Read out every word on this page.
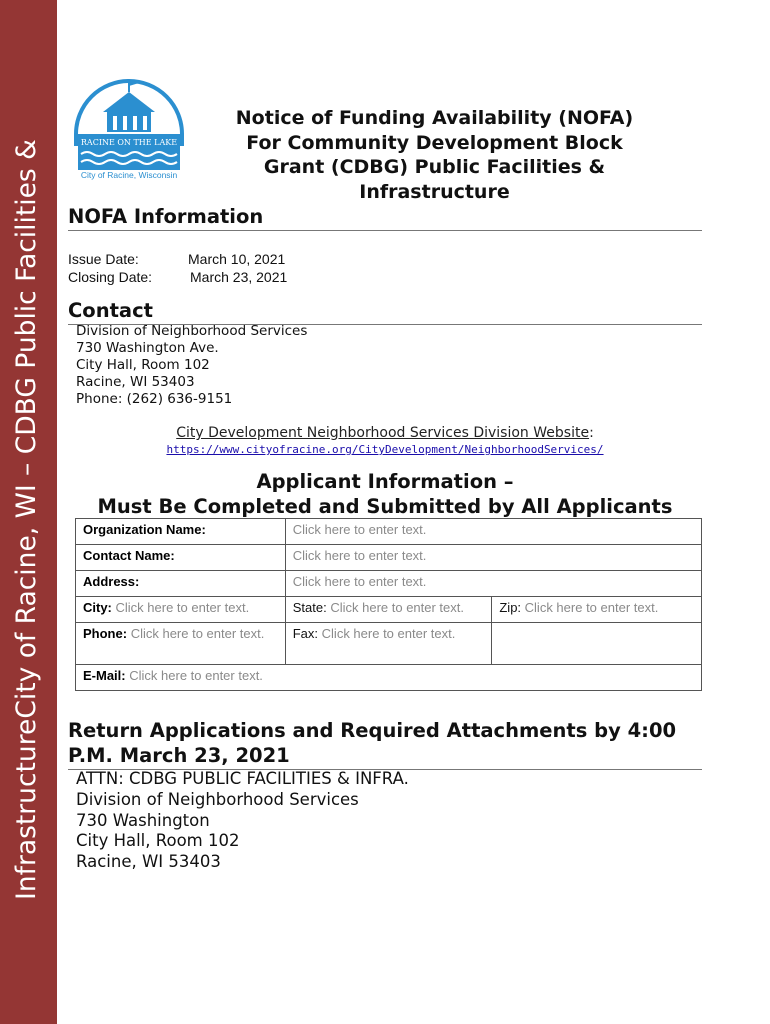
InfrastructureCity of Racine, WI – CDBG Public Facilities &	RACINE ON THE LAKE
City of Racine, Wisconsin
Notice of Funding Availability (NOFA)
For Community Development Block
Grant (CDBG) Public Facilities &
Infrastructure
NOFA Information
Issue Date:	March 10, 2021
Closing Date:	March 23, 2021
Contact
Division of Neighborhood Services
730 Washington Ave.
City Hall, Room 102
Racine, WI 53403
Phone: (262) 636-9151
City Development Neighborhood Services Division Website:
https://www.cityofracine.org/CityDevelopment/NeighborhoodServices/
Applicant Information –
Must Be Completed and Submitted by All Applicants
Organization Name:	Click here to enter text.	
Contact Name:	Click here to enter text.	
Address:	Click here to enter text.	
City: Click here to enter text.	State: Click here to enter text.	Zip: Click here to enter text.
Phone: Click here to enter text.	Fax: Click here to enter text.	
E-Mail: Click here to enter text.		
Return Applications and Required Attachments by 4:00 P.M. March 23, 2021
ATTN: CDBG PUBLIC FACILITIES & INFRA.
Division of Neighborhood Services
730 Washington
City Hall, Room 102
Racine, WI 53403
